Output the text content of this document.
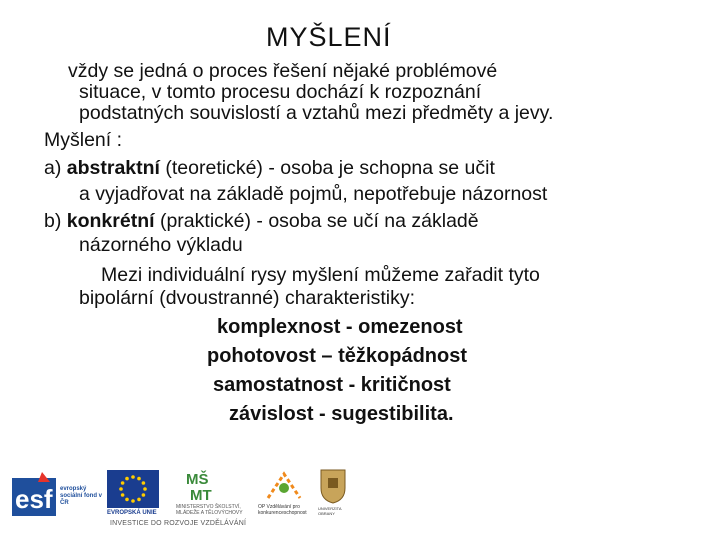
MYŠLENÍ
vždy se jedná o proces řešení nějaké problémové
situace, v tomto procesu dochází k rozpoznání
podstatných souvislostí a vztahů mezi předměty a jevy.
Myšlení :
a) abstraktní (teoretické) - osoba je schopna se učit
a vyjadřovat na základě pojmů, nepotřebuje názornost
b) konkrétní (praktické) - osoba se učí na základě
názorného výkladu
Mezi individuální rysy myšlení můžeme zařadit tyto
bipolární (dvoustranné) charakteristiky:
komplexnost - omezenost
pohotovost – těžkopádnost
samostatnost - kritičnost
závislost - sugestibilita.
esf evropský sociální fond v ČR
EVROPSKÁ UNIE
MŠ
MT
MINISTERSTVO ŠKOLSTVÍ, MLÁDEŽE A TĚLOVÝCHOVY
OP Vzdělávání pro konkurenceschopnost
UNIVERZITA OBRANY
INVESTICE DO ROZVOJE VZDĚLÁVÁNÍ
